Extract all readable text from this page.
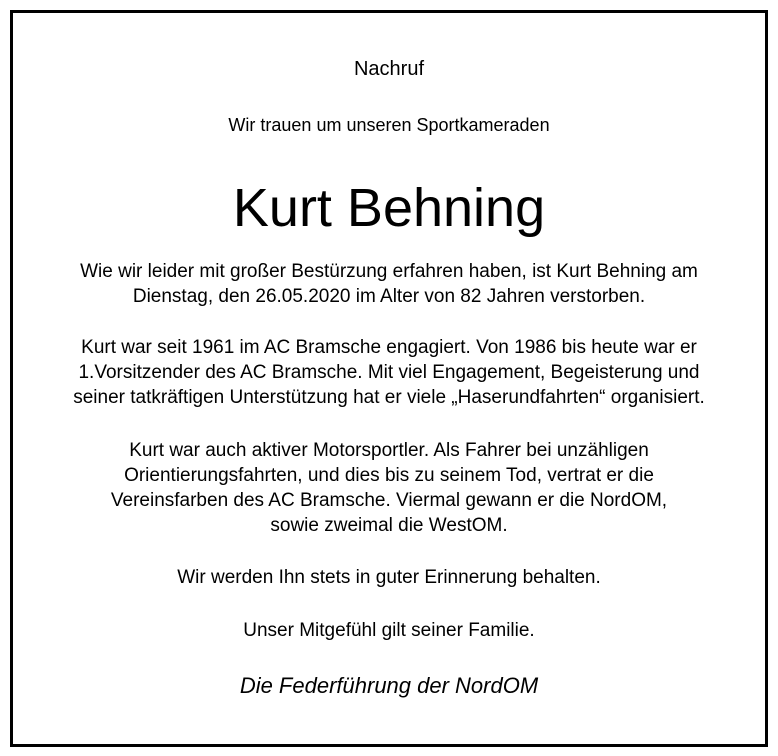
Nachruf
Wir trauen um unseren Sportkameraden
Kurt Behning
Wie wir leider mit großer Bestürzung erfahren haben, ist Kurt Behning am
Dienstag, den 26.05.2020 im Alter von 82 Jahren verstorben.
Kurt war seit 1961 im AC Bramsche engagiert. Von 1986 bis heute war er
1.Vorsitzender des AC Bramsche. Mit viel Engagement, Begeisterung und
seiner tatkräftigen Unterstützung hat er viele „Haserundfahrten“ organisiert.
Kurt war auch aktiver Motorsportler. Als Fahrer bei unzähligen
Orientierungsfahrten, und dies bis zu seinem Tod, vertrat er die
Vereinsfarben des AC Bramsche. Viermal gewann er die NordOM,
sowie zweimal die WestOM.
Wir werden Ihn stets in guter Erinnerung behalten.
Unser Mitgefühl gilt seiner Familie.
Die Federführung der NordOM
